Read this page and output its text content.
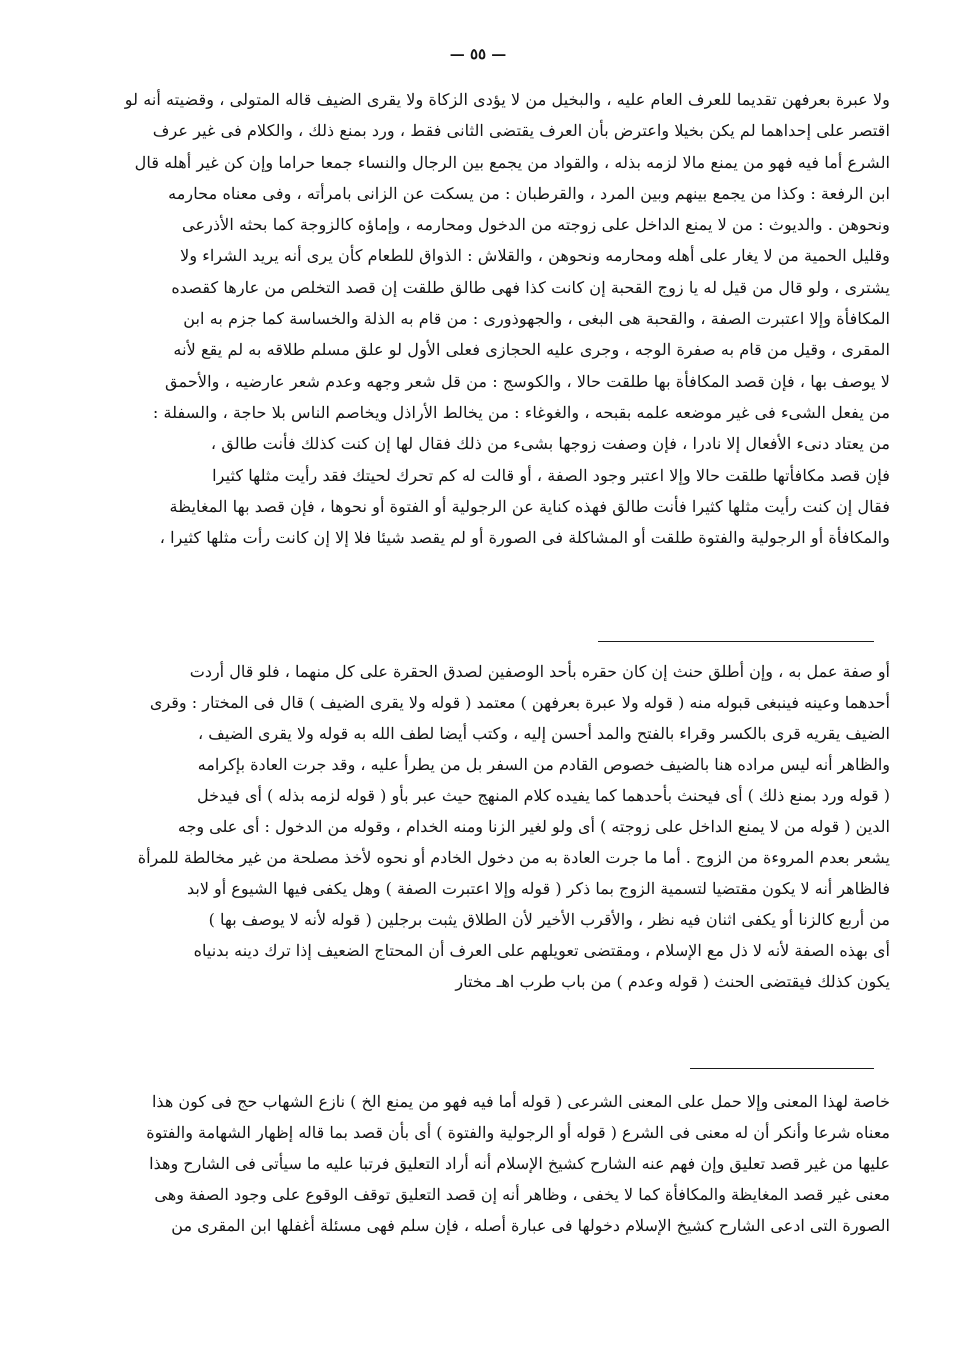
— ٥٥ —
ولا عبرة بعرفهن تقديما للعرف العام عليه ، والبخيل من لا يؤدى الزكاة ولا يقرى الضيف قاله المتولى ، وقضيته أنه لو
اقتصر على إحداهما لم يكن بخيلا واعترض بأن العرف يقتضى الثانى فقط ، ورد بمنع ذلك ، والكلام فى غير عرف
الشرع أما فيه فهو من يمنع مالا لزمه بذله ، والقواد من يجمع بين الرجال والنساء جمعا حراما وإن كن غير أهله قال
ابن الرفعة : وكذا من يجمع بينهم وبين المرد ، والقرطبان : من يسكت عن الزانى بامرأته ، وفى معناه محارمه
ونحوهن . والديوث : من لا يمنع الداخل على زوجته من الدخول ومحارمه ، وإماؤه كالزوجة كما بحثه الأذرعى
وقليل الحمية من لا يغار على أهله ومحارمه ونحوهن ، والقلاش : الذواق للطعام كأن يرى أنه يريد الشراء ولا
يشترى ، ولو قال من قيل له يا زوج القحبة إن كانت كذا فهى طالق طلقت إن قصد التخلص من عارها كقصده
المكافأة وإلا اعتبرت الصفة ، والقحبة هى البغى ، والجهوذورى : من قام به الذلة والخساسة كما جزم به ابن
المقرى ، وقيل من قام به صفرة الوجه ، وجرى عليه الحجازى فعلى الأول لو علق مسلم طلاقه به لم يقع لأنه
لا يوصف بها ، فإن قصد المكافأة بها طلقت حالا ، والكوسج : من قل شعر وجهه وعدم شعر عارضيه ، والأحمق
من يفعل الشىء فى غير موضعه علمه بقبحه ، والغوغاء : من يخالط الأراذل ويخاصم الناس بلا حاجة ، والسفلة :
من يعتاد دنىء الأفعال إلا نادرا ، فإن وصفت زوجها بشىء من ذلك فقال لها إن كنت كذلك فأنت طالق ،
فإن قصد مكافأتها طلقت حالا وإلا اعتبر وجود الصفة ، أو قالت له كم تحرك لحيتك فقد رأيت مثلها كثيرا
فقال إن كنت رأيت مثلها كثيرا فأنت طالق فهذه كناية عن الرجولية أو الفتوة أو نحوها ، فإن قصد بها المغايظة
والمكافأة أو الرجولية والفتوة طلقت أو المشاكلة فى الصورة أو لم يقصد شيئا فلا إلا إن كانت رأت مثلها كثيرا ،
أو صفة عمل به ، وإن أطلق حنث إن كان حقره بأحد الوصفين لصدق الحقرة على كل منهما ، فلو قال أردت
أحدهما وعينه فينبغى قبوله منه ( قوله ولا عبرة بعرفهن ) معتمد ( قوله ولا يقرى الضيف ) قال فى المختار : وقرى
الضيف يقريه قرى بالكسر وقراء بالفتح والمد أحسن إليه ، وكتب أيضا لطف الله به قوله ولا يقرى الضيف ،
والظاهر أنه ليس مراده هنا بالضيف خصوص القادم من السفر بل من يطرأ عليه ، وقد جرت العادة بإكرامه
( قوله ورد بمنع ذلك ) أى فيحنث بأحدهما كما يفيده كلام المنهج حيث عبر بأو ( قوله لزمه بذله ) أى فيدخل
الدين ( قوله من لا يمنع الداخل على زوجته ) أى ولو لغير الزنا ومنه الخدام ، وقوله من الدخول : أى على وجه
يشعر بعدم المروءة من الزوج . أما ما جرت العادة به من دخول الخادم أو نحوه لأخذ مصلحة من غير مخالطة للمرأة
فالظاهر أنه لا يكون مقتضيا لتسمية الزوج بما ذكر ( قوله وإلا اعتبرت الصفة ) وهل يكفى فيها الشيوع أو لابد
من أربع كالزنا أو يكفى اثنان فيه نظر ، والأقرب الأخير لأن الطلاق يثبت برجلين ( قوله لأنه لا يوصف بها )
أى بهذه الصفة لأنه لا ذل مع الإسلام ، ومقتضى تعويلهم على العرف أن المحتاج الضعيف إذا ترك دينه بدنياه
يكون كذلك فيقتضى الحنث ( قوله وعدم ) من باب طرب اهـ مختار
خاصة لهذا المعنى وإلا حمل على المعنى الشرعى ( قوله أما فيه فهو من يمنع الخ ) نازع الشهاب حج فى كون هذا
معناه شرعا وأنكر أن له معنى فى الشرع ( قوله أو الرجولية والفتوة ) أى بأن قصد بما قاله إظهار الشهامة والفتوة
عليها من غير قصد تعليق وإن فهم عنه الشارح كشيخ الإسلام أنه أراد التعليق فرتبا عليه ما سيأتى فى الشارح وهذا
معنى غير قصد المغايظة والمكافأة كما لا يخفى ، وظاهر أنه إن قصد التعليق توقف الوقوع على وجود الصفة وهى
الصورة التى ادعى الشارح كشيخ الإسلام دخولها فى عبارة أصله ، فإن سلم فهى مسئلة أغفلها ابن المقرى من
